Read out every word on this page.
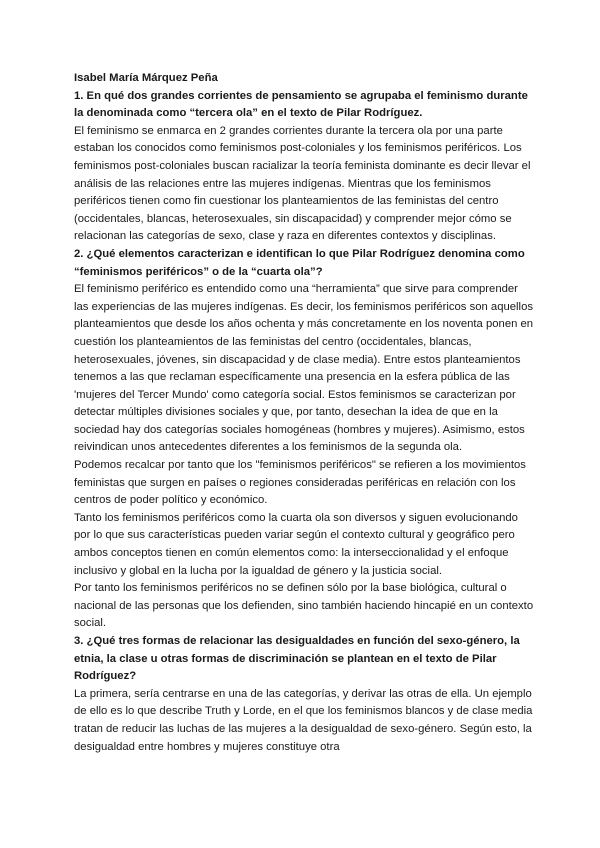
Isabel María Márquez Peña

1. En qué dos grandes corrientes de pensamiento se agrupaba el feminismo durante la denominada como “tercera ola” en el texto de Pilar Rodríguez.

El feminismo se enmarca en 2 grandes corrientes durante la tercera ola por una parte estaban los conocidos como feminismos post-coloniales y los feminismos periféricos. Los feminismos post-coloniales buscan racializar la teoría feminista dominante es decir llevar el análisis de las relaciones entre las mujeres indígenas. Mientras que los feminismos periféricos tienen como fin cuestionar los planteamientos de las feministas del centro (occidentales, blancas, heterosexuales, sin discapacidad) y comprender mejor cómo se relacionan las categorías de sexo, clase y raza en diferentes contextos y disciplinas.

2. ¿Qué elementos caracterizan e identifican lo que Pilar Rodríguez denomina como “feminismos periféricos” o de la “cuarta ola”?

El feminismo periférico es entendido como una “herramienta” que sirve para comprender las experiencias de las mujeres indígenas. Es decir, los feminismos periféricos son aquellos planteamientos que desde los años ochenta y más concretamente en los noventa ponen en cuestión los planteamientos de las feministas del centro (occidentales, blancas, heterosexuales, jóvenes, sin discapacidad y de clase media). Entre estos planteamientos tenemos a las que reclaman específicamente una presencia en la esfera pública de las 'mujeres del Tercer Mundo' como categoría social. Estos feminismos se caracterizan por detectar múltiples divisiones sociales y que, por tanto, desechan la idea de que en la sociedad hay dos categorías sociales homogéneas (hombres y mujeres). Asimismo, estos reivindican unos antecedentes diferentes a los feminismos de la segunda ola.

Podemos recalcar por tanto que los "feminismos periféricos" se refieren a los movimientos feministas que surgen en países o regiones consideradas periféricas en relación con los centros de poder político y económico.

Tanto los feminismos periféricos como la cuarta ola son diversos y siguen evolucionando por lo que sus características pueden variar según el contexto cultural y geográfico pero ambos conceptos tienen en común elementos como: la interseccionalidad y el enfoque inclusivo y global en la lucha por la igualdad de género y la justicia social.

Por tanto los feminismos periféricos no se definen sólo por la base biológica, cultural o nacional de las personas que los defienden, sino también haciendo hincapié en un contexto social.

3. ¿Qué tres formas de relacionar las desigualdades en función del sexo-género, la etnia, la clase u otras formas de discriminación se plantean en el texto de Pilar Rodríguez?

La primera, sería centrarse en una de las categorías, y derivar las otras de ella. Un ejemplo de ello es lo que describe Truth y Lorde, en el que los feminismos blancos y de clase media tratan de reducir las luchas de las mujeres a la desigualdad de sexo-género. Según esto, la desigualdad entre hombres y mujeres constituye otra
